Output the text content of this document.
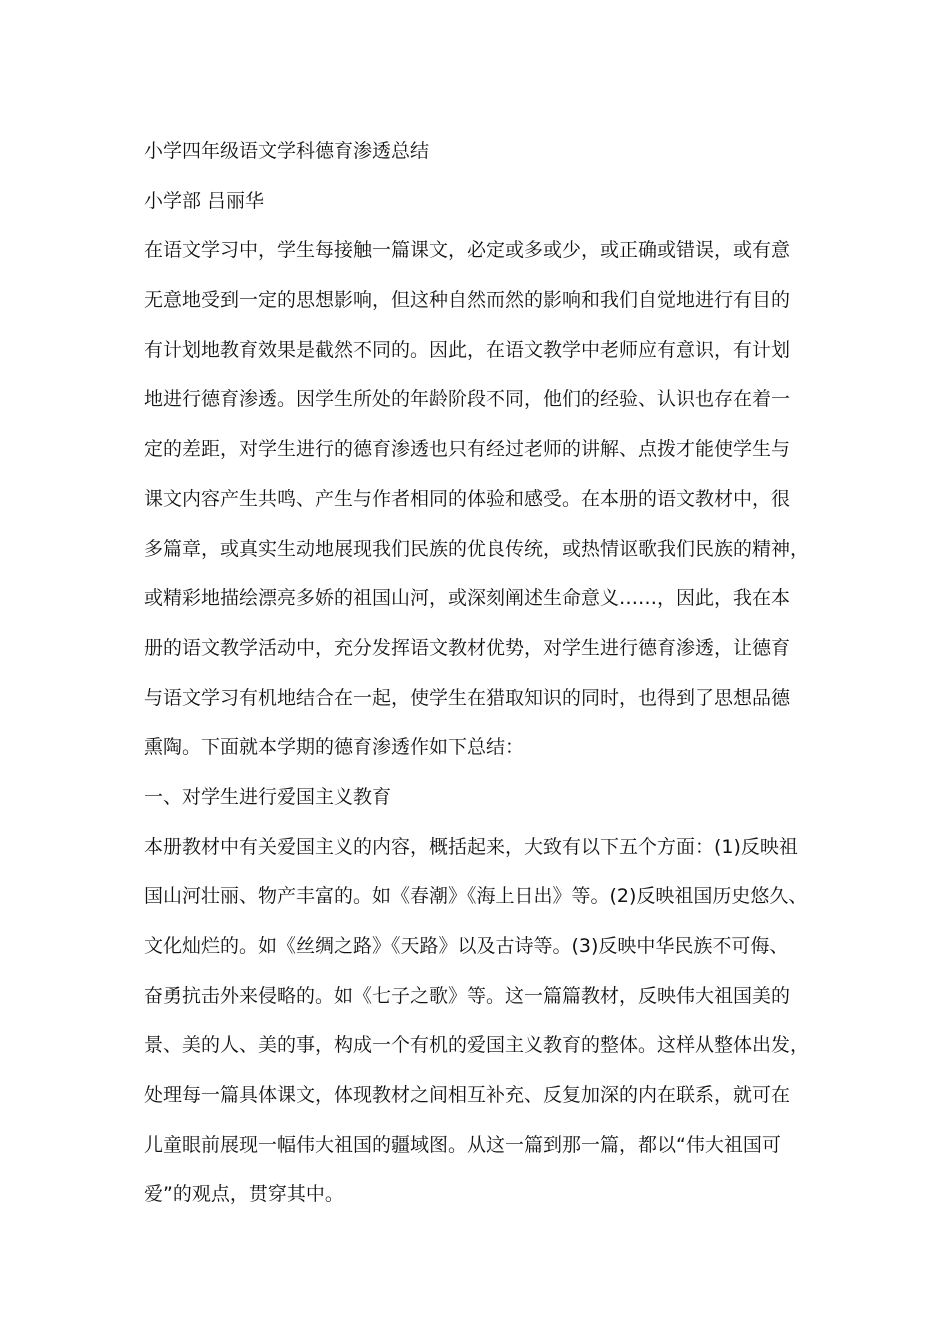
小学四年级语文学科德育渗透总结
小学部 吕丽华
在语文学习中，学生每接触一篇课文，必定或多或少，或正确或错误，或有意
无意地受到一定的思想影响，但这种自然而然的影响和我们自觉地进行有目的
有计划地教育效果是截然不同的。因此，在语文教学中老师应有意识，有计划
地进行德育渗透。因学生所处的年龄阶段不同，他们的经验、认识也存在着一
定的差距，对学生进行的德育渗透也只有经过老师的讲解、点拨才能使学生与
课文内容产生共鸣、产生与作者相同的体验和感受。在本册的语文教材中，很
多篇章，或真实生动地展现我们民族的优良传统，或热情讴歌我们民族的精神，
或精彩地描绘漂亮多娇的祖国山河，或深刻阐述生命意义……，因此，我在本
册的语文教学活动中，充分发挥语文教材优势，对学生进行德育渗透，让德育
与语文学习有机地结合在一起，使学生在猎取知识的同时，也得到了思想品德
熏陶。下面就本学期的德育渗透作如下总结：
一、对学生进行爱国主义教育
本册教材中有关爱国主义的内容，概括起来，大致有以下五个方面：(1)反映祖
国山河壮丽、物产丰富的。如《春潮》《海上日出》等。(2)反映祖国历史悠久、
文化灿烂的。如《丝绸之路》《天路》以及古诗等。(3)反映中华民族不可侮、
奋勇抗击外来侵略的。如《七子之歌》等。这一篇篇教材，反映伟大祖国美的
景、美的人、美的事，构成一个有机的爱国主义教育的整体。这样从整体出发，
处理每一篇具体课文，体现教材之间相互补充、反复加深的内在联系，就可在
儿童眼前展现一幅伟大祖国的疆域图。从这一篇到那一篇，都以“伟大祖国可
爱”的观点，贯穿其中。
